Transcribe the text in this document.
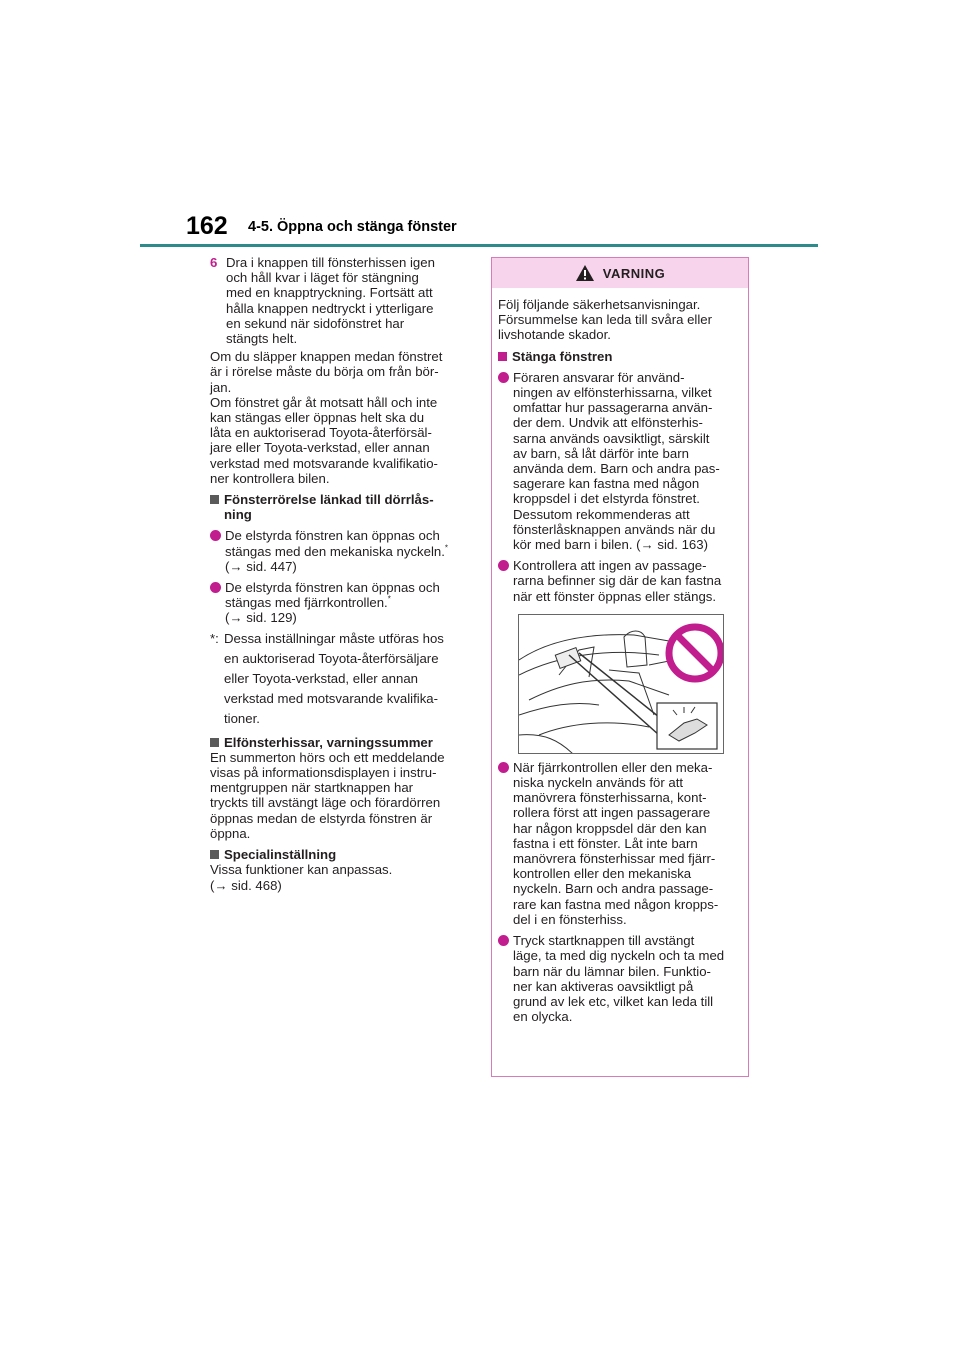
162 4-5. Öppna och stänga fönster
6 Dra i knappen till fönsterhissen igen

och håll kvar i läget för stängning

med en knapptryckning. Fortsätt att

hålla knappen nedtryckt i ytterligare

en sekund när sidofönstret har

stängts helt.

Om du släpper knappen medan fönstret

är i rörelse måste du börja om från bör-

jan.

Om fönstret går åt motsatt håll och inte

kan stängas eller öppnas helt ska du

låta en auktoriserad Toyota-återförsäl-

jare eller Toyota-verkstad, eller annan

verkstad med motsvarande kvalifikatio-

ner kontrollera bilen.

Fönsterrörelse länkad till dörrlås-

ning

De elstyrda fönstren kan öppnas och

stängas med den mekaniska nyckeln.*

(→ sid. 447)

De elstyrda fönstren kan öppnas och

stängas med fjärrkontrollen.*

(→ sid. 129)

*: Dessa inställningar måste utföras hos

en auktoriserad Toyota-återförsäljare

eller Toyota-verkstad, eller annan

verkstad med motsvarande kvalifika-

tioner.

Elfönsterhissar, varningssummer

En summerton hörs och ett meddelande

visas på informationsdisplayen i instru-

mentgruppen när startknappen har

tryckts till avstängt läge och förardörren

öppnas medan de elstyrda fönstren är

öppna.

Specialinställning

Vissa funktioner kan anpassas.

(→ sid. 468)

VARNING

Följ följande säkerhetsanvisningar.

Försummelse kan leda till svåra eller

livshotande skador.

Stänga fönstren

Föraren ansvarar för använd-

ningen av elfönsterhissarna, vilket

omfattar hur passagerarna använ-

der dem. Undvik att elfönsterhis-

sarna används oavsiktligt, särskilt

av barn, så låt därför inte barn

använda dem. Barn och andra pas-

sagerare kan fastna med någon

kroppsdel i det elstyrda fönstret.

Dessutom rekommenderas att

fönsterlåsknappen används när du

kör med barn i bilen. (→ sid. 163)

Kontrollera att ingen av passage-

rarna befinner sig där de kan fastna

när ett fönster öppnas eller stängs.

När fjärrkontrollen eller den meka-

niska nyckeln används för att

manövrera fönsterhissarna, kont-

rollera först att ingen passagerare

har någon kroppsdel där den kan

fastna i ett fönster. Låt inte barn

manövrera fönsterhissar med fjärr-

kontrollen eller den mekaniska

nyckeln. Barn och andra passage-

rare kan fastna med någon kropps-

del i en fönsterhiss.

Tryck startknappen till avstängt

läge, ta med dig nyckeln och ta med

barn när du lämnar bilen. Funktio-

ner kan aktiveras oavsiktligt på

grund av lek etc, vilket kan leda till

en olycka.
